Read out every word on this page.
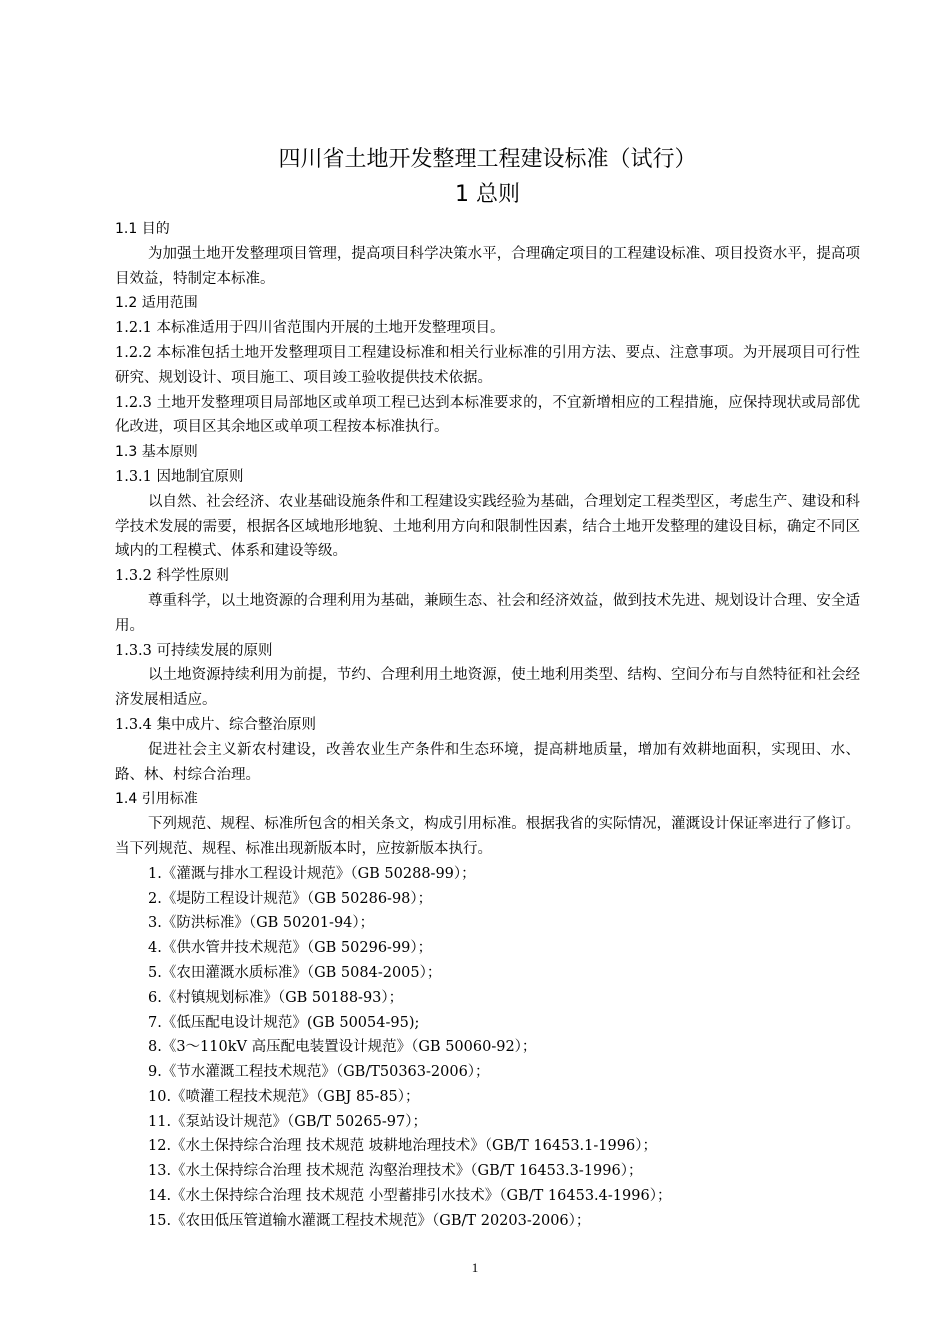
四川省土地开发整理工程建设标准（试行）
1 总则

1.1 目的

为加强土地开发整理项目管理，提高项目科学决策水平，合理确定项目的工程建设标准、项目投资水平，提高项目效益，特制定本标准。

1.2 适用范围

1.2.1 本标准适用于四川省范围内开展的土地开发整理项目。

1.2.2 本标准包括土地开发整理项目工程建设标准和相关行业标准的引用方法、要点、注意事项。为开展项目可行性研究、规划设计、项目施工、项目竣工验收提供技术依据。

1.2.3 土地开发整理项目局部地区或单项工程已达到本标准要求的，不宜新增相应的工程措施，应保持现状或局部优化改进，项目区其余地区或单项工程按本标准执行。

1.3 基本原则

1.3.1 因地制宜原则

以自然、社会经济、农业基础设施条件和工程建设实践经验为基础，合理划定工程类型区，考虑生产、建设和科学技术发展的需要，根据各区域地形地貌、土地利用方向和限制性因素，结合土地开发整理的建设目标，确定不同区域内的工程模式、体系和建设等级。

1.3.2 科学性原则

尊重科学，以土地资源的合理利用为基础，兼顾生态、社会和经济效益，做到技术先进、规划设计合理、安全适用。

1.3.3 可持续发展的原则

以土地资源持续利用为前提，节约、合理利用土地资源，使土地利用类型、结构、空间分布与自然特征和社会经济发展相适应。

1.3.4 集中成片、综合整治原则

促进社会主义新农村建设，改善农业生产条件和生态环境，提高耕地质量，增加有效耕地面积，实现田、水、路、林、村综合治理。

1.4 引用标准

下列规范、规程、标准所包含的相关条文，构成引用标准。根据我省的实际情况，灌溉设计保证率进行了修订。当下列规范、规程、标准出现新版本时，应按新版本执行。

1.《灌溉与排水工程设计规范》（GB 50288-99）；

2.《堤防工程设计规范》（GB 50286-98）；

3.《防洪标准》（GB 50201-94）；

4.《供水管井技术规范》（GB 50296-99）；

5.《农田灌溉水质标准》（GB 5084-2005）；

6.《村镇规划标准》（GB 50188-93）；

7.《低压配电设计规范》(GB 50054-95);

8.《3～110kV 高压配电装置设计规范》（GB 50060-92）；

9.《节水灌溉工程技术规范》（GB/T50363-2006）；

10.《喷灌工程技术规范》（GBJ 85-85）；

11.《泵站设计规范》（GB/T 50265-97）；

12.《水土保持综合治理 技术规范 坡耕地治理技术》（GB/T 16453.1-1996）；

13.《水土保持综合治理 技术规范 沟壑治理技术》（GB/T 16453.3-1996）；

14.《水土保持综合治理 技术规范 小型蓄排引水技术》（GB/T 16453.4-1996）；

15.《农田低压管道输水灌溉工程技术规范》（GB/T 20203-2006）；

1
